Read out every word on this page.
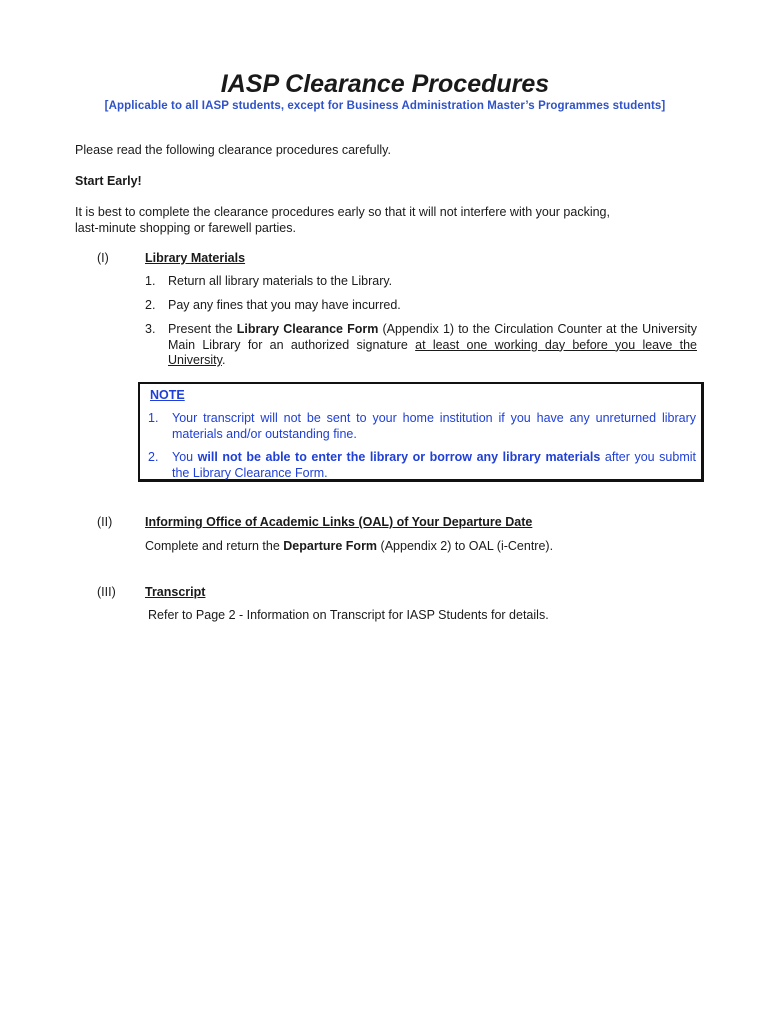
IASP Clearance Procedures
[Applicable to all IASP students, except for Business Administration Master’s Programmes students]
Please read the following clearance procedures carefully.
Start Early!
It is best to complete the clearance procedures early so that it will not interfere with your packing,
last-minute shopping or farewell parties.
(I)	Library Materials
1. Return all library materials to the Library.
2. Pay any fines that you may have incurred.
3. Present the Library Clearance Form (Appendix 1) to the Circulation Counter at the University Main Library for an authorized signature at least one working day before you leave the University.
NOTE
1. Your transcript will not be sent to your home institution if you have any unreturned library materials and/or outstanding fine.
2. You will not be able to enter the library or borrow any library materials after you submit the Library Clearance Form.
(II)	Informing Office of Academic Links (OAL) of Your Departure Date
Complete and return the Departure Form (Appendix 2) to OAL (i-Centre).
(III) Transcript
Refer to Page 2 - Information on Transcript for IASP Students for details.
